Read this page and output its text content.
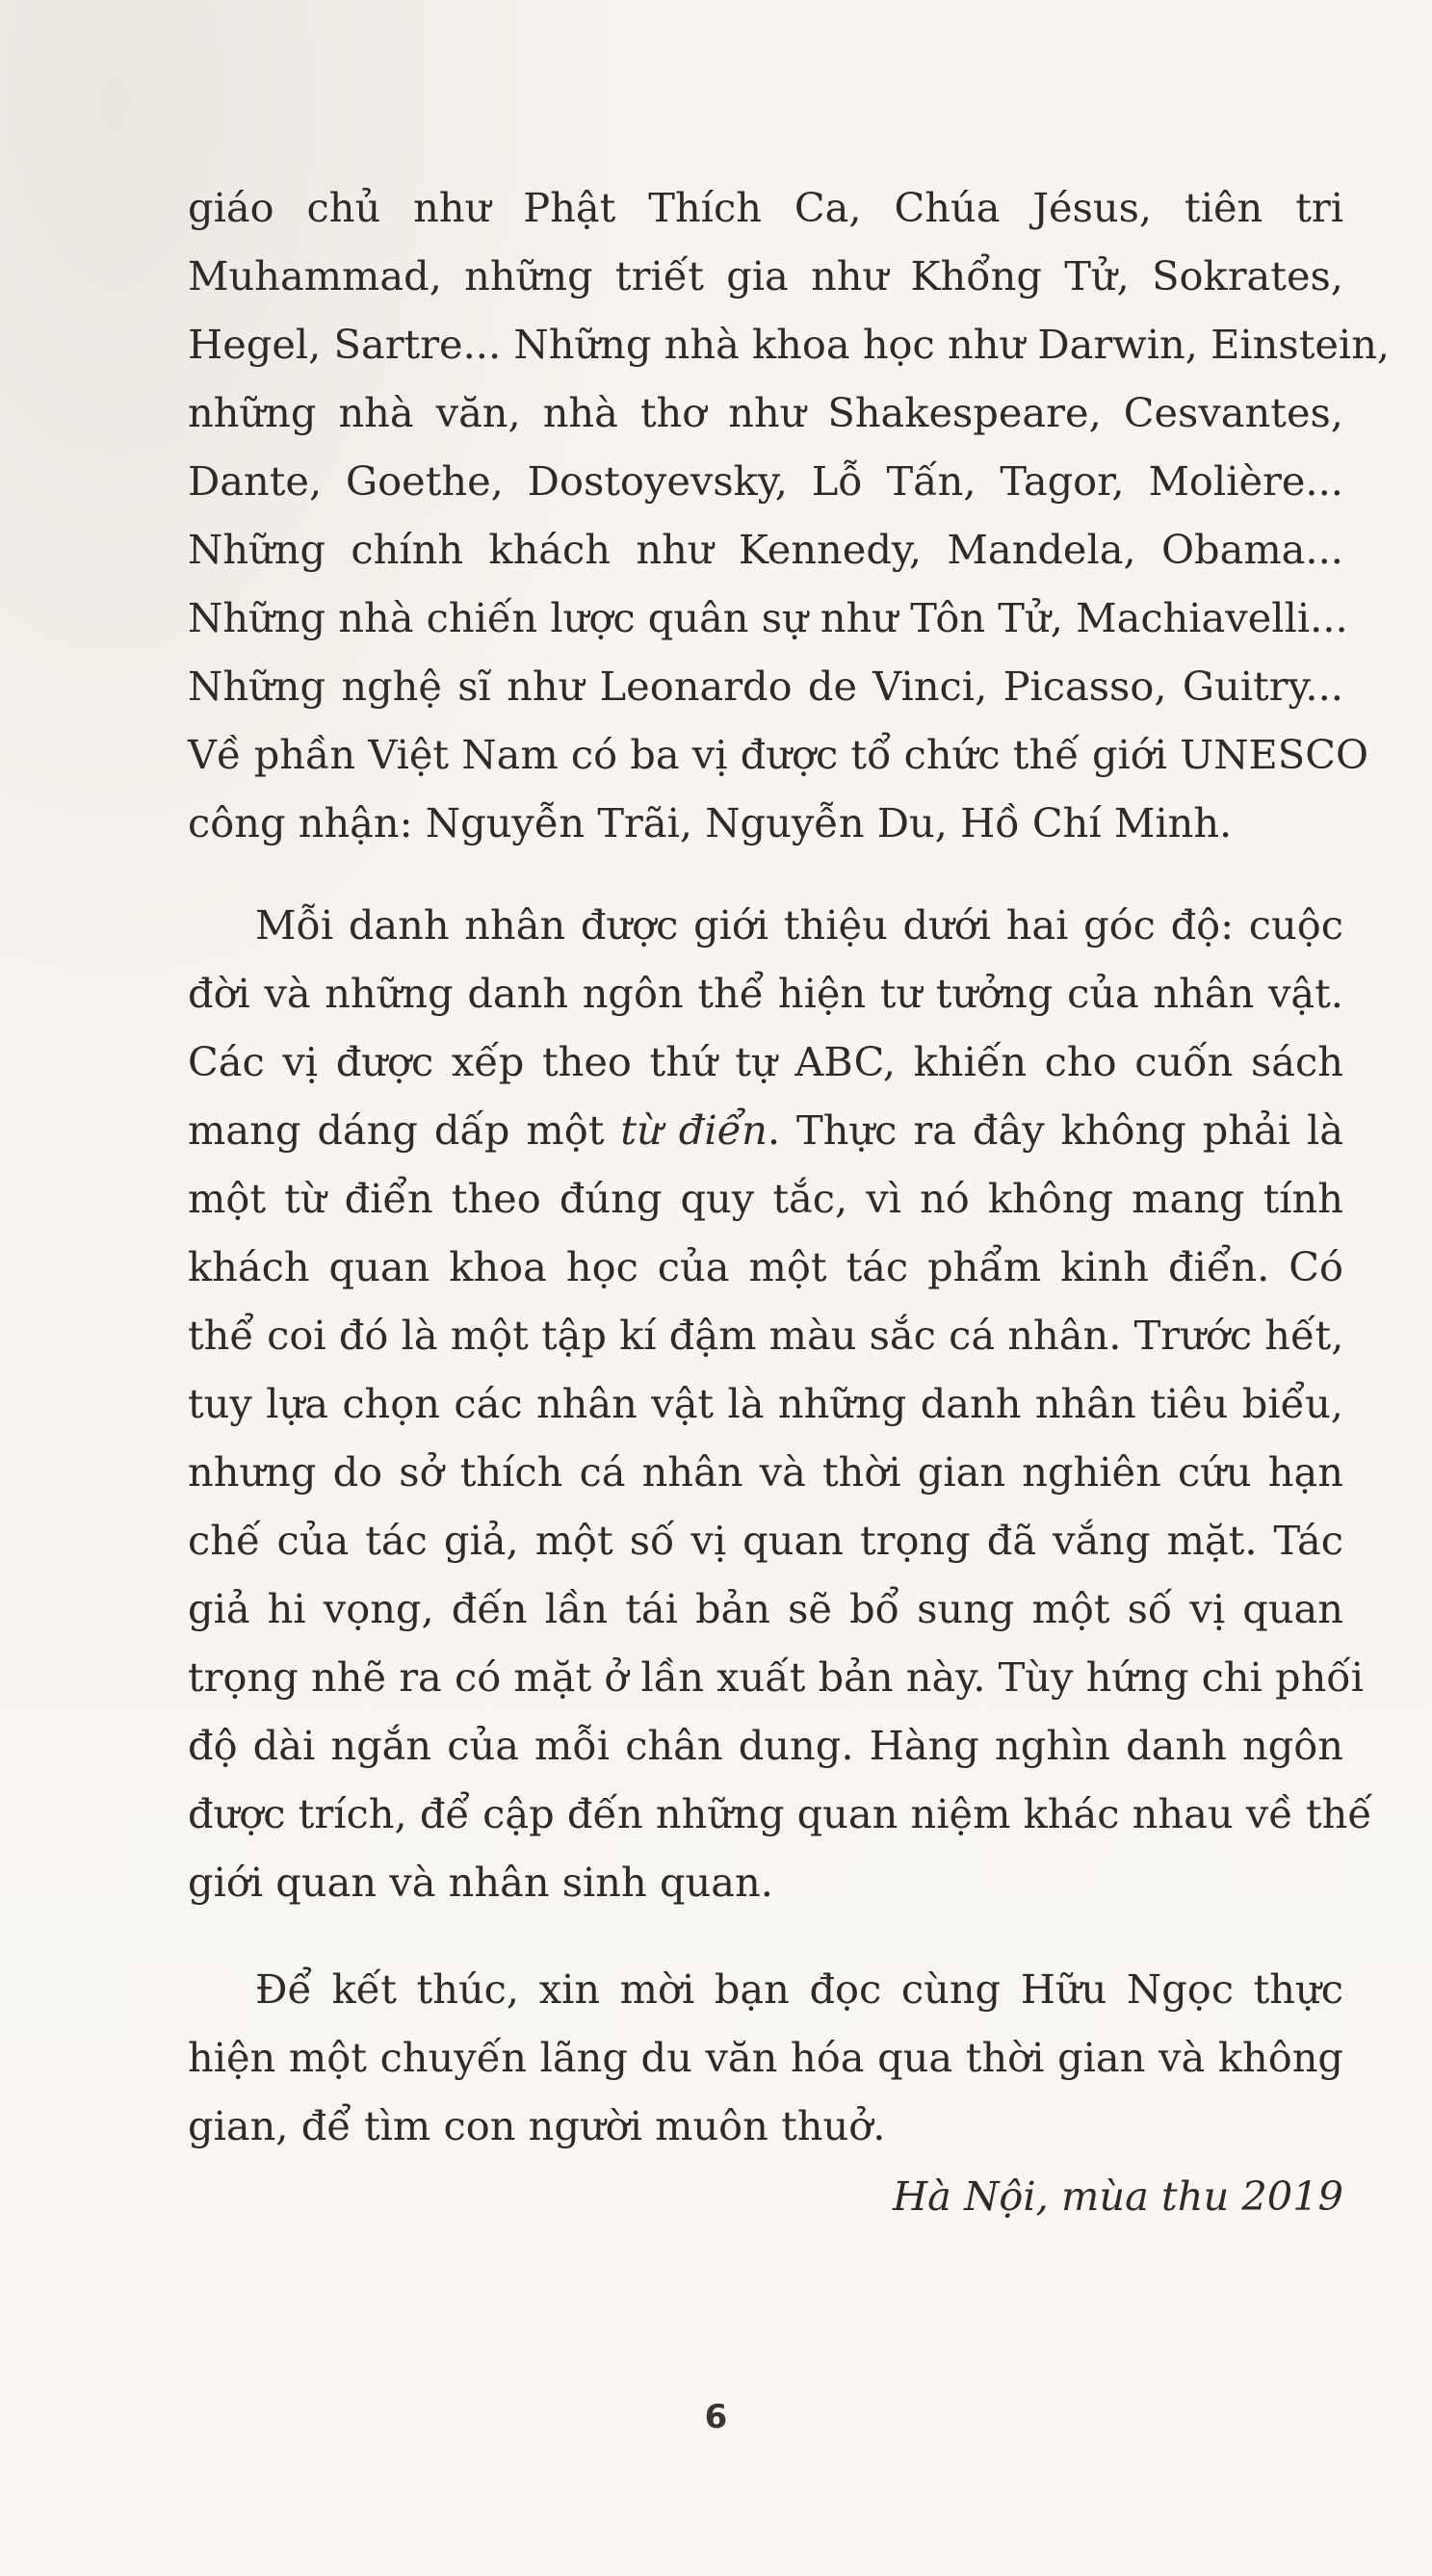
giáo chủ như Phật Thích Ca, Chúa Jésus, tiên tri
Muhammad, những triết gia như Khổng Tử, Sokrates,
Hegel, Sartre... Những nhà khoa học như Darwin, Einstein,
những nhà văn, nhà thơ như Shakespeare, Cesvantes,
Dante, Goethe, Dostoyevsky, Lỗ Tấn, Tagor, Molière...
Những chính khách như Kennedy, Mandela, Obama...
Những nhà chiến lược quân sự như Tôn Tử, Machiavelli...
Những nghệ sĩ như Leonardo de Vinci, Picasso, Guitry...
Về phần Việt Nam có ba vị được tổ chức thế giới UNESCO
công nhận: Nguyễn Trãi, Nguyễn Du, Hồ Chí Minh.
Mỗi danh nhân được giới thiệu dưới hai góc độ: cuộc
đời và những danh ngôn thể hiện tư tưởng của nhân vật.
Các vị được xếp theo thứ tự ABC, khiến cho cuốn sách
mang dáng dấp một từ điển. Thực ra đây không phải là
một từ điển theo đúng quy tắc, vì nó không mang tính
khách quan khoa học của một tác phẩm kinh điển. Có
thể coi đó là một tập kí đậm màu sắc cá nhân. Trước hết,
tuy lựa chọn các nhân vật là những danh nhân tiêu biểu,
nhưng do sở thích cá nhân và thời gian nghiên cứu hạn
chế của tác giả, một số vị quan trọng đã vắng mặt. Tác
giả hi vọng, đến lần tái bản sẽ bổ sung một số vị quan
trọng nhẽ ra có mặt ở lần xuất bản này. Tùy hứng chi phối
độ dài ngắn của mỗi chân dung. Hàng nghìn danh ngôn
được trích, để cập đến những quan niệm khác nhau về thế
giới quan và nhân sinh quan.
Để kết thúc, xin mời bạn đọc cùng Hữu Ngọc thực
hiện một chuyến lãng du văn hóa qua thời gian và không
gian, để tìm con người muôn thuở.
Hà Nội, mùa thu 2019
6
